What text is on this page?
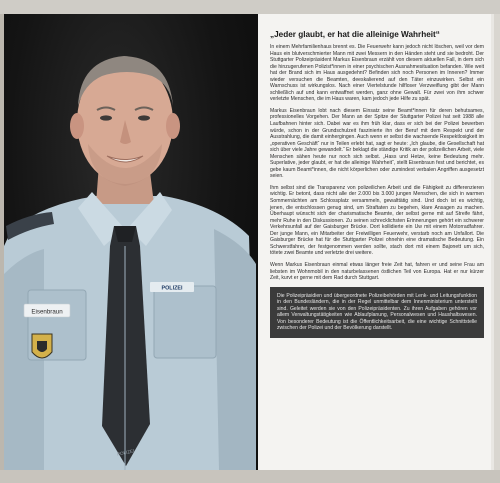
Eisenbraun
POLIZEI
POLIZEI
„Jeder glaubt, er hat die alleinige Wahrheit“

In einem Mehrfamilienhaus brennt es. Die Feuerwehr kann jedoch nicht löschen, weil vor dem Haus ein blutverschmierter Mann mit zwei Messern in den Händen steht und sie bedroht. Der Stuttgarter Polizeipräsident Markus Eisenbraun erzählt von diesem aktuellen Fall, in dem sich die hinzugerufenen Polizist*innen in einer psychischen Ausnahmesituation befanden. Wie weit hat der Brand sich im Haus ausgedehnt? Befinden sich noch Personen im Inneren? Immer wieder versuchen die Beamten, deeskalierend auf den Täter einzuwirken. Selbst ein Warnschuss ist wirkungslos. Nach einer Viertelstunde hilfloser Verzweiflung gibt der Mann schließlich auf und kann entwaffnet werden, ganz ohne Gewalt. Für zwei von ihm schwer verletzte Menschen, die im Haus waren, kam jedoch jede Hilfe zu spät.

Markus Eisenbraun lobt nach diesem Einsatz seine Beamt*innen für deren behutsames, professionelles Vorgehen. Der Mann an der Spitze der Stuttgarter Polizei hat seit 1988 alle Laufbahnen hinter sich. Dabei war es ihm früh klar, dass er sich bei der Polizei bewerben würde, schon in der Grundschulzeit faszinierte ihn der Beruf mit dem Respekt und der Ausstrahlung, die damit einhergingen. Auch wenn er selbst die wachsende Respektlosigkeit im „operativen Geschäft“ nur in Teilen erlebt hat, sagt er heute: „Ich glaube, die Gesellschaft hat sich über viele Jahre gewandelt.“ Er beklagt die ständige Kritik an der polizeilichen Arbeit, viele Menschen sähen heute nur noch sich selbst. „Hass und Hetze, keine Bedeutung mehr. Superlative, jeder glaubt, er hat die alleinige Wahrheit“, stellt Eisenbraun fest und berichtet, es gebe kaum Beamt*innen, die nicht körperlichen oder zumindest verbalen Angriffen ausgesetzt seien.

Ihm selbst sind die Transparenz von polizeilichen Arbeit und die Fähigkeit zu differenzieren wichtig. Er betont, dass nicht alle der 2.000 bis 3.000 jungen Menschen, die sich in warmen Sommernächten am Schlossplatz versammeln, gewalttätig sind. Und doch ist es wichtig, jenen, die entschlossen genug sind, um Straftaten zu begehen, klare Ansagen zu machen. Überhaupt wünscht sich der charismatische Beamte, der selbst gerne mit auf Streife fährt, mehr Ruhe in den Diskussionen. Zu seinen schrecklichsten Erinnerungen gehört ein schwerer Verkehrsunfall auf der Gaisburger Brücke. Dort kollidierte ein Uw mit einem Motorradfahrer. Der junge Mann, ein Mitarbeiter der Freiwilligen Feuerwehr, verstarb noch am Unfallort. Die Gaisburger Brücke hat für die Stuttgarter Polizei ohnehin eine dramatische Bedeutung. Ein Schwerstfahrer, der festgenommen werden sollte, stach dort mit einem Bajonett um sich, tötete zwei Beamte und verletzte drei weitere.

Wenn Markus Eisenbraun einmal etwas länger freie Zeit hat, fahren er und seine Frau am liebsten im Wohnmobil in den naturbelassenen östlichen Teil von Europa. Hat er nur kürzer Zeit, kurvt er gerne mit dem Rad durch Stuttgart.

Die Polizeipräsidien und übergeordnete Polizeibehörden mit Lenk- und Leitungsfunktion in den Bundesländern, die in der Regel unmittelbar dem Innenministerium unterstellt sind. Geleitet werden sie von den Polizeipräsidenten. Zu ihren Aufgaben gehören vor allem Verwaltungstätigkeiten wie Ablaufplanung, Personalwesen und Haushaltswesen. Von besonderer Bedeutung ist die Öffentlichkeitsarbeit, die eine wichtige Schnittstelle zwischen der Polizei und der Bevölkerung darstellt.
